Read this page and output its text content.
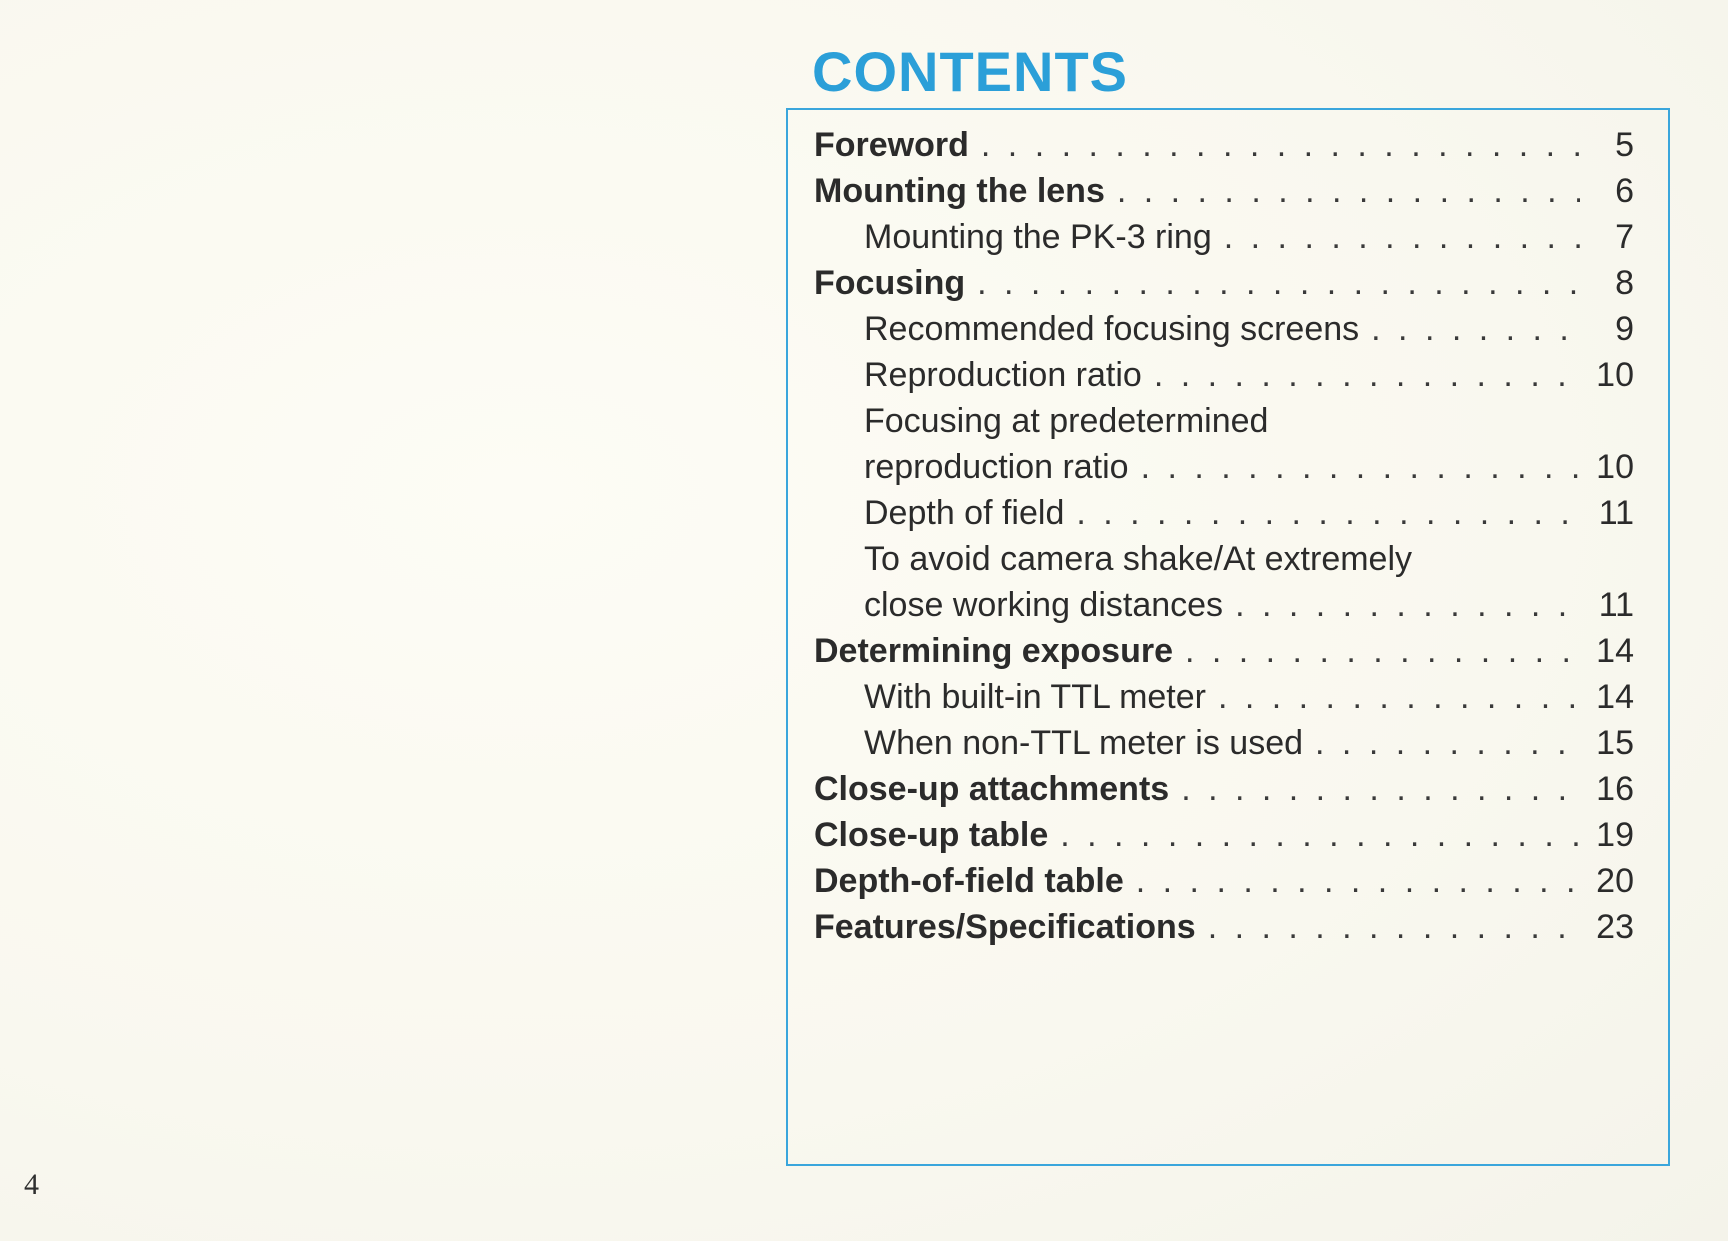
CONTENTS
Foreword . . .	5
Mounting the lens . . .	6
Mounting the PK-3 ring . . .	7
Focusing . . .	8
Recommended focusing screens . . .	9
Reproduction ratio . . .	10
Focusing at predetermined
reproduction ratio . . .	10
Depth of field . . .	11
To avoid camera shake/At extremely
close working distances . . .	11
Determining exposure . . .	14
With built-in TTL meter . . .	14
When non-TTL meter is used . . .	15
Close-up attachments . . .	16
Close-up table . . .	19
Depth-of-field table . . .	20
Features/Specifications . . .	23
4
